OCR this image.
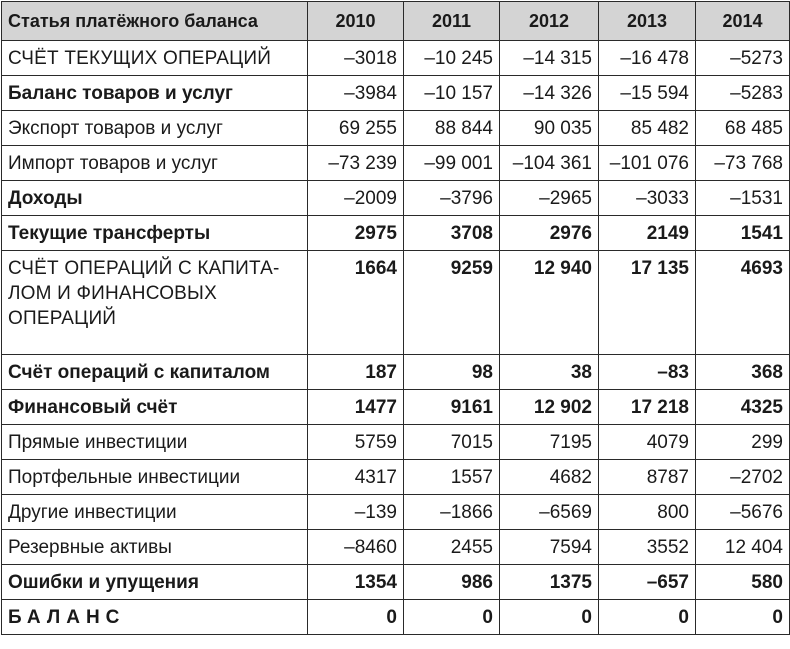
Статья платёжного баланса	2010	2011	2012	2013	2014
СЧЁТ ТЕКУЩИХ ОПЕРАЦИЙ	–3018	–10 245	–14 315	–16 478	–5273
Баланс товаров и услуг	–3984	–10 157	–14 326	–15 594	–5283
Экспорт товаров и услуг	69 255	88 844	90 035	85 482	68 485
Импорт товаров и услуг	–73 239	–99 001	–104 361	–101 076	–73 768
Доходы	–2009	–3796	–2965	–3033	–1531
Текущие трансферты	2975	3708	2976	2149	1541
СЧЁТ ОПЕРАЦИЙ С КАПИТА-ЛОМ И ФИНАНСОВЫХ ОПЕРАЦИЙ	1664	9259	12 940	17 135	4693
Счёт операций с капиталом	187	98	38	–83	368
Финансовый счёт	1477	9161	12 902	17 218	4325
Прямые инвестиции	5759	7015	7195	4079	299
Портфельные инвестиции	4317	1557	4682	8787	–2702
Другие инвестиции	–139	–1866	–6569	800	–5676
Резервные активы	–8460	2455	7594	3552	12 404
Ошибки и упущения	1354	986	1375	–657	580
БАЛАНС	0	0	0	0	0
